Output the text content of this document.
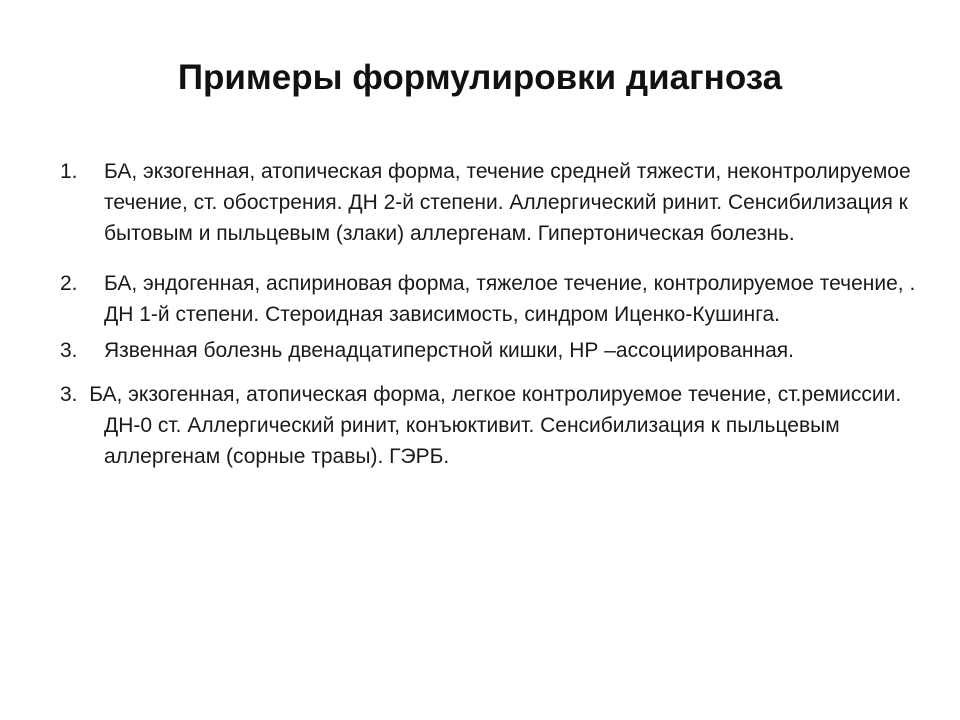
Примеры формулировки диагноза
1. БА, экзогенная, атопическая форма, течение средней тяжести, неконтролируемое течение, ст. обострения. ДН 2-й степени. Аллергический ринит. Сенсибилизация к бытовым и пыльцевым (злаки) аллергенам. Гипертоническая болезнь.
2. БА, эндогенная, аспириновая форма, тяжелое течение, контролируемое течение, . ДН 1-й степени. Стероидная зависимость, синдром Иценко-Кушинга.
3. Язвенная болезнь двенадцатиперстной кишки, НР –ассоциированная.
3. БА, экзогенная, атопическая форма, легкое контролируемое течение, ст.ремиссии. ДН-0 ст. Аллергический ринит, конъюктивит. Сенсибилизация к пыльцевым аллергенам (сорные травы). ГЭРБ.
